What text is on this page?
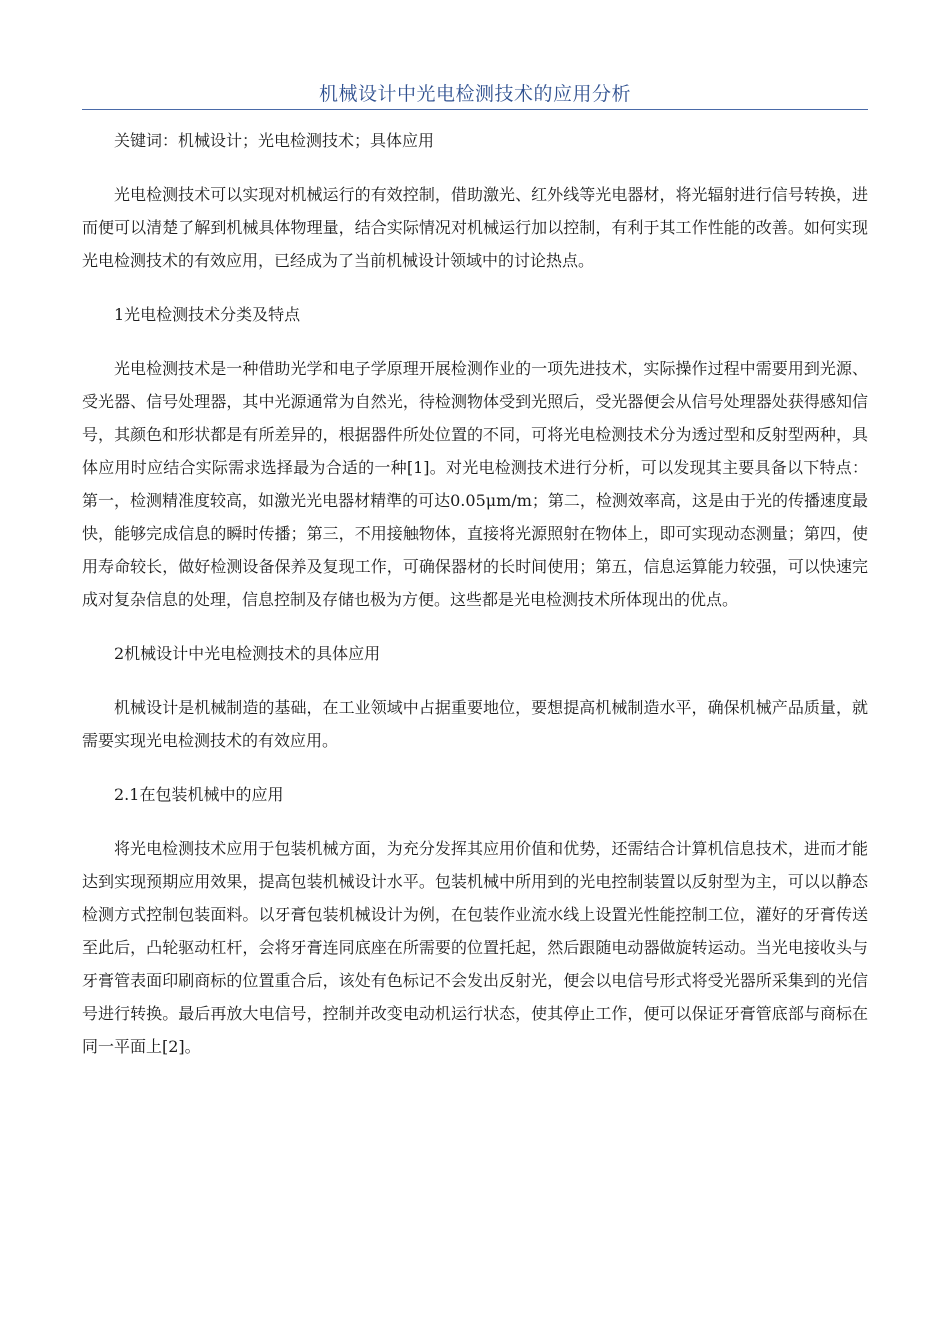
机械设计中光电检测技术的应用分析

关键词：机械设计；光电检测技术；具体应用

光电检测技术可以实现对机械运行的有效控制，借助激光、红外线等光电器材，将光辐射进行信号转换，进而便可以清楚了解到机械具体物理量，结合实际情况对机械运行加以控制，有利于其工作性能的改善。如何实现光电检测技术的有效应用，已经成为了当前机械设计领域中的讨论热点。

1光电检测技术分类及特点

光电检测技术是一种借助光学和电子学原理开展检测作业的一项先进技术，实际操作过程中需要用到光源、受光器、信号处理器，其中光源通常为自然光，待检测物体受到光照后，受光器便会从信号处理器处获得感知信号，其颜色和形状都是有所差异的，根据器件所处位置的不同，可将光电检测技术分为透过型和反射型两种，具体应用时应结合实际需求选择最为合适的一种[1]。对光电检测技术进行分析，可以发现其主要具备以下特点：第一，检测精准度较高，如激光光电器材精準的可达0.05μm/m；第二，检测效率高，这是由于光的传播速度最快，能够完成信息的瞬时传播；第三，不用接触物体，直接将光源照射在物体上，即可实现动态测量；第四，使用寿命较长，做好检测设备保养及复现工作，可确保器材的长时间使用；第五，信息运算能力较强，可以快速完成对复杂信息的处理，信息控制及存储也极为方便。这些都是光电检测技术所体现出的优点。

2机械设计中光电检测技术的具体应用

机械设计是机械制造的基础，在工业领域中占据重要地位，要想提高机械制造水平，确保机械产品质量，就需要实现光电检测技术的有效应用。

2.1在包装机械中的应用

将光电检测技术应用于包装机械方面，为充分发挥其应用价值和优势，还需结合计算机信息技术，进而才能达到实现预期应用效果，提高包装机械设计水平。包装机械中所用到的光电控制装置以反射型为主，可以以静态检测方式控制包装面料。以牙膏包装机械设计为例，在包装作业流水线上设置光性能控制工位，灌好的牙膏传送至此后，凸轮驱动杠杆，会将牙膏连同底座在所需要的位置托起，然后跟随电动器做旋转运动。当光电接收头与牙膏管表面印刷商标的位置重合后，该处有色标记不会发出反射光，便会以电信号形式将受光器所采集到的光信号进行转换。最后再放大电信号，控制并改变电动机运行状态，使其停止工作，便可以保证牙膏管底部与商标在同一平面上[2]。
